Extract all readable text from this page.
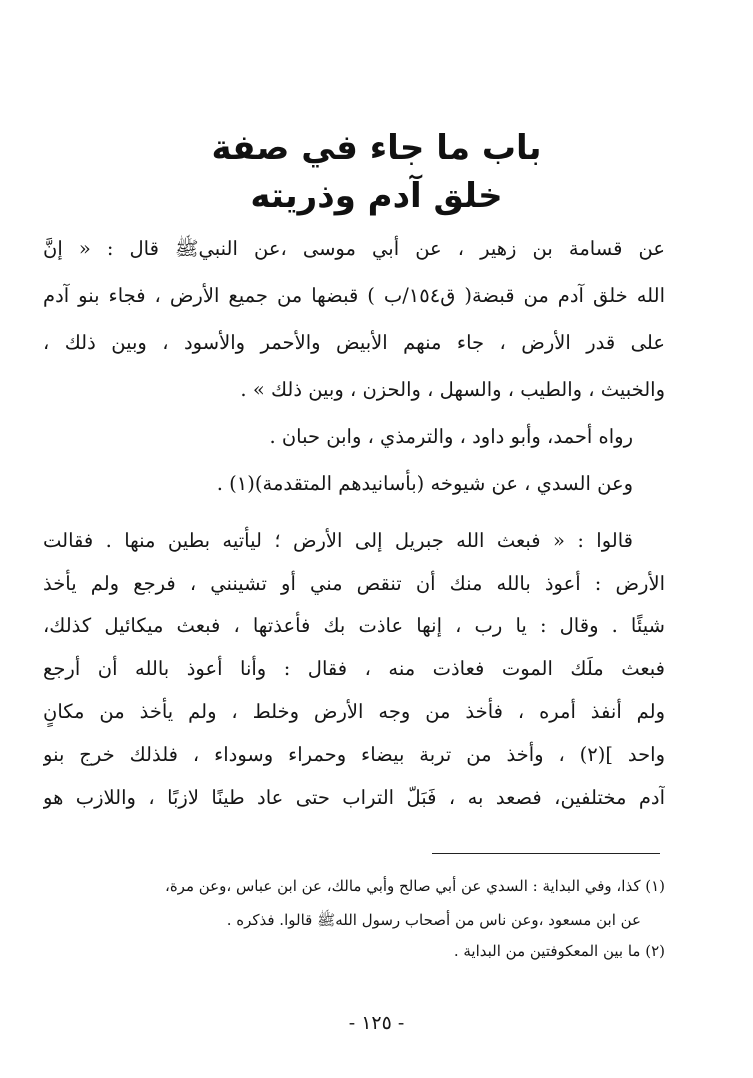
باب ما جاء في صفة
خلق آدم وذريته
عن قسامة بن زهير ، عن أبي موسى ،عن النبيﷺ قال : « إنَّ
الله خلق آدم من قبضة( ق١٥٤/ب ) قبضها من جميع الأرض ، فجاء بنو آدم
على قدر الأرض ، جاء منهم الأبيض والأحمر والأسود ، وبين ذلك ،
والخبيث ، والطيب ، والسهل ، والحزن ، وبين ذلك » .
رواه أحمد، وأبو داود ، والترمذي ، وابن حبان .
وعن السدي ، عن شيوخه (بأسانيدهم المتقدمة)(١) .
قالوا : « فبعث الله جبريل إلى الأرض ؛ ليأتيه بطين منها . فقالت
الأرض : أعوذ بالله منك أن تنقص مني أو تشينني ، فرجع ولم يأخذ
شيئًا . وقال : يا رب ، إنها عاذت بك فأعذتها ، فبعث ميكائيل كذلك،
فبعث ملَك الموت فعاذت منه ، فقال : وأنا أعوذ بالله أن أرجع
ولم أنفذ أمره ، فأخذ من وجه الأرض وخلط ، ولم يأخذ من مكانٍ
واحد ](٢) ، وأخذ من تربة بيضاء وحمراء وسوداء ، فلذلك خرج بنو
آدم مختلفين، فصعد به ، فَبَلّ التراب حتى عاد طينًا لازبًا ، واللازب هو
(١) كذا، وفي البداية : السدي عن أبي صالح وأبي مالك، عن ابن عباس ،وعن مرة،
عن ابن مسعود ،وعن ناس من أصحاب رسول اللهﷺ قالوا. فذكره .
(٢) ما بين المعكوفتين من البداية .
- ١٢٥ -
